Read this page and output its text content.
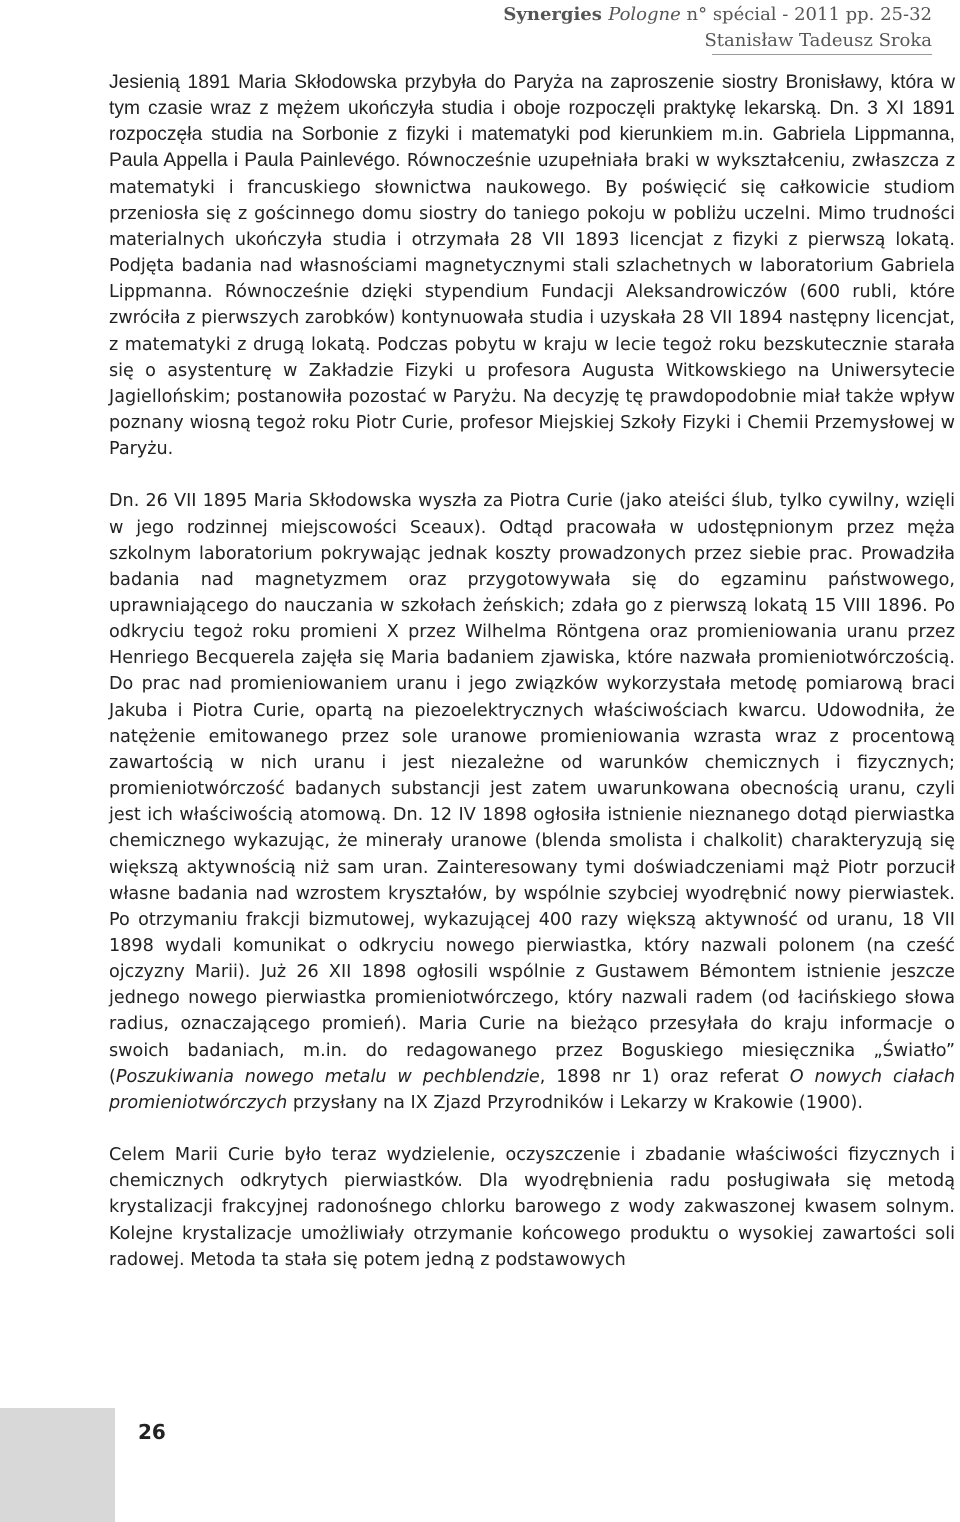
Synergies Pologne n° spécial - 2011 pp. 25-32
Stanisław Tadeusz Sroka

Jesienią 1891 Maria Skłodowska przybyła do Paryża na zaproszenie siostry Bronisławy, która w tym czasie wraz z mężem ukończyła studia i oboje rozpoczęli praktykę lekarską. Dn. 3 XI 1891 rozpoczęła studia na Sorbonie z fizyki i matematyki pod kierunkiem m.in. Gabriela Lippmanna, Paula Appella i Paula Painlevégo. Równocześnie uzupełniała braki w wykształceniu, zwłaszcza z matematyki i francuskiego słownictwa naukowego. By poświęcić się całkowicie studiom przeniosła się z gościnnego domu siostry do taniego pokoju w pobliżu uczelni. Mimo trudności materialnych ukończyła studia i otrzymała 28 VII 1893 licencjat z fizyki z pierwszą lokatą. Podjęta badania nad własnościami magnetycznymi stali szlachetnych w laboratorium Gabriela Lippmanna. Równocześnie dzięki stypendium Fundacji Aleksandrowiczów (600 rubli, które zwróciła z pierwszych zarobków) kontynuowała studia i uzyskała 28 VII 1894 następny licencjat, z matematyki z drugą lokatą. Podczas pobytu w kraju w lecie tegoż roku bezskutecznie starała się o asystenturę w Zakładzie Fizyki u profesora Augusta Witkowskiego na Uniwersytecie Jagiellońskim; postanowiła pozostać w Paryżu. Na decyzję tę prawdopodobnie miał także wpływ poznany wiosną tegoż roku Piotr Curie, profesor Miejskiej Szkoły Fizyki i Chemii Przemysłowej w Paryżu.

Dn. 26 VII 1895 Maria Skłodowska wyszła za Piotra Curie (jako ateiści ślub, tylko cywilny, wzięli w jego rodzinnej miejscowości Sceaux). Odtąd pracowała w udostępnionym przez męża szkolnym laboratorium pokrywając jednak koszty prowadzonych przez siebie prac. Prowadziła badania nad magnetyzmem oraz przygotowywała się do egzaminu państwowego, uprawniającego do nauczania w szkołach żeńskich; zdała go z pierwszą lokatą 15 VIII 1896. Po odkryciu tegoż roku promieni X przez Wilhelma Röntgena oraz promieniowania uranu przez Henriego Becquerela zajęła się Maria badaniem zjawiska, które nazwała promieniotwórczością. Do prac nad promieniowaniem uranu i jego związków wykorzystała metodę pomiarową braci Jakuba i Piotra Curie, opartą na piezoelektrycznych właściwościach kwarcu. Udowodniła, że natężenie emitowanego przez sole uranowe promieniowania wzrasta wraz z procentową zawartością w nich uranu i jest niezależne od warunków chemicznych i fizycznych; promieniotwórczość badanych substancji jest zatem uwarunkowana obecnością uranu, czyli jest ich właściwością atomową. Dn. 12 IV 1898 ogłosiła istnienie nieznanego dotąd pierwiastka chemicznego wykazując, że minerały uranowe (blenda smolista i chalkolit) charakteryzują się większą aktywnością niż sam uran. Zainteresowany tymi doświadczeniami mąż Piotr porzucił własne badania nad wzrostem kryształów, by wspólnie szybciej wyodrębnić nowy pierwiastek. Po otrzymaniu frakcji bizmutowej, wykazującej 400 razy większą aktywność od uranu, 18 VII 1898 wydali komunikat o odkryciu nowego pierwiastka, który nazwali polonem (na cześć ojczyzny Marii). Już 26 XII 1898 ogłosili wspólnie z Gustawem Bémontem istnienie jeszcze jednego nowego pierwiastka promieniotwórczego, który nazwali radem (od łacińskiego słowa radius, oznaczającego promień). Maria Curie na bieżąco przesyłała do kraju informacje o swoich badaniach, m.in. do redagowanego przez Boguskiego miesięcznika „Światło” (Poszukiwania nowego metalu w pechblendzie, 1898 nr 1) oraz referat O nowych ciałach promieniotwórczych przysłany na IX Zjazd Przyrodników i Lekarzy w Krakowie (1900).

Celem Marii Curie było teraz wydzielenie, oczyszczenie i zbadanie właściwości fizycznych i chemicznych odkrytych pierwiastków. Dla wyodrębnienia radu posługiwała się metodą krystalizacji frakcyjnej radonośnego chlorku barowego z wody zakwaszonej kwasem solnym. Kolejne krystalizacje umożliwiały otrzymanie końcowego produktu o wysokiej zawartości soli radowej. Metoda ta stała się potem jedną z podstawowych

26
